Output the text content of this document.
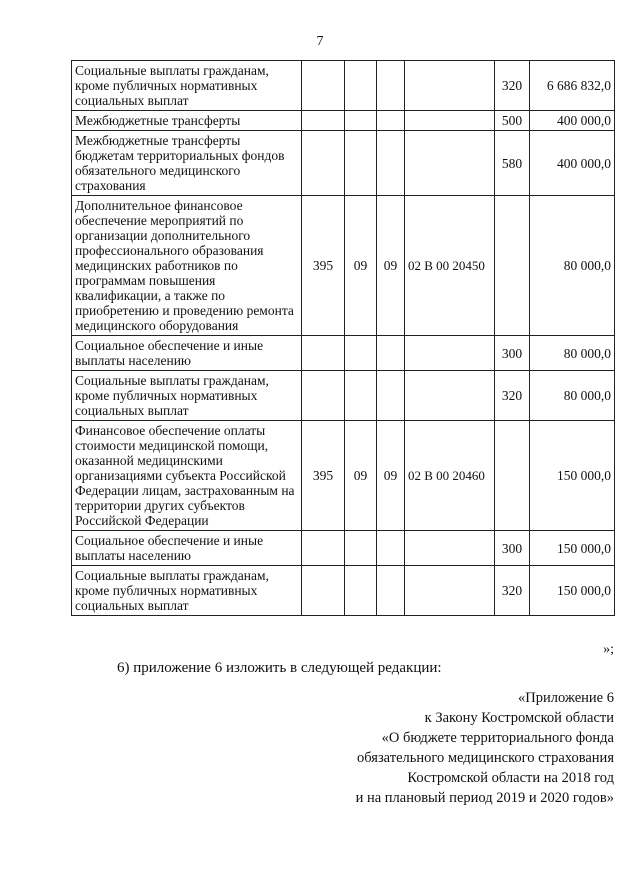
7
Социальные выплаты гражданам, кроме публичных нормативных социальных выплат					320	6 686 832,0
Межбюджетные трансферты					500	400 000,0
Межбюджетные трансферты бюджетам территориальных фондов обязательного медицинского страхования					580	400 000,0
Дополнительное финансовое обеспечение мероприятий по организации дополнительного профессионального образования медицинских работников по программам повышения квалификации, а также по приобретению и проведению ремонта медицинского оборудования	395	09	09	02 В 00 20450		80 000,0
Социальное обеспечение и иные выплаты населению					300	80 000,0
Социальные выплаты гражданам, кроме публичных нормативных социальных выплат					320	80 000,0
Финансовое обеспечение оплаты стоимости медицинской помощи, оказанной медицинскими организациями субъекта Российской Федерации лицам, застрахованным на территории других субъектов Российской Федерации	395	09	09	02 В 00 20460		150 000,0
Социальное обеспечение и иные выплаты населению					300	150 000,0
Социальные выплаты гражданам, кроме публичных нормативных социальных выплат					320	150 000,0
»;
6) приложение 6 изложить в следующей редакции:
«Приложение 6
к Закону Костромской области
«О бюджете территориального фонда
обязательного медицинского страхования
Костромской области на 2018 год
и на плановый период 2019 и 2020 годов»
